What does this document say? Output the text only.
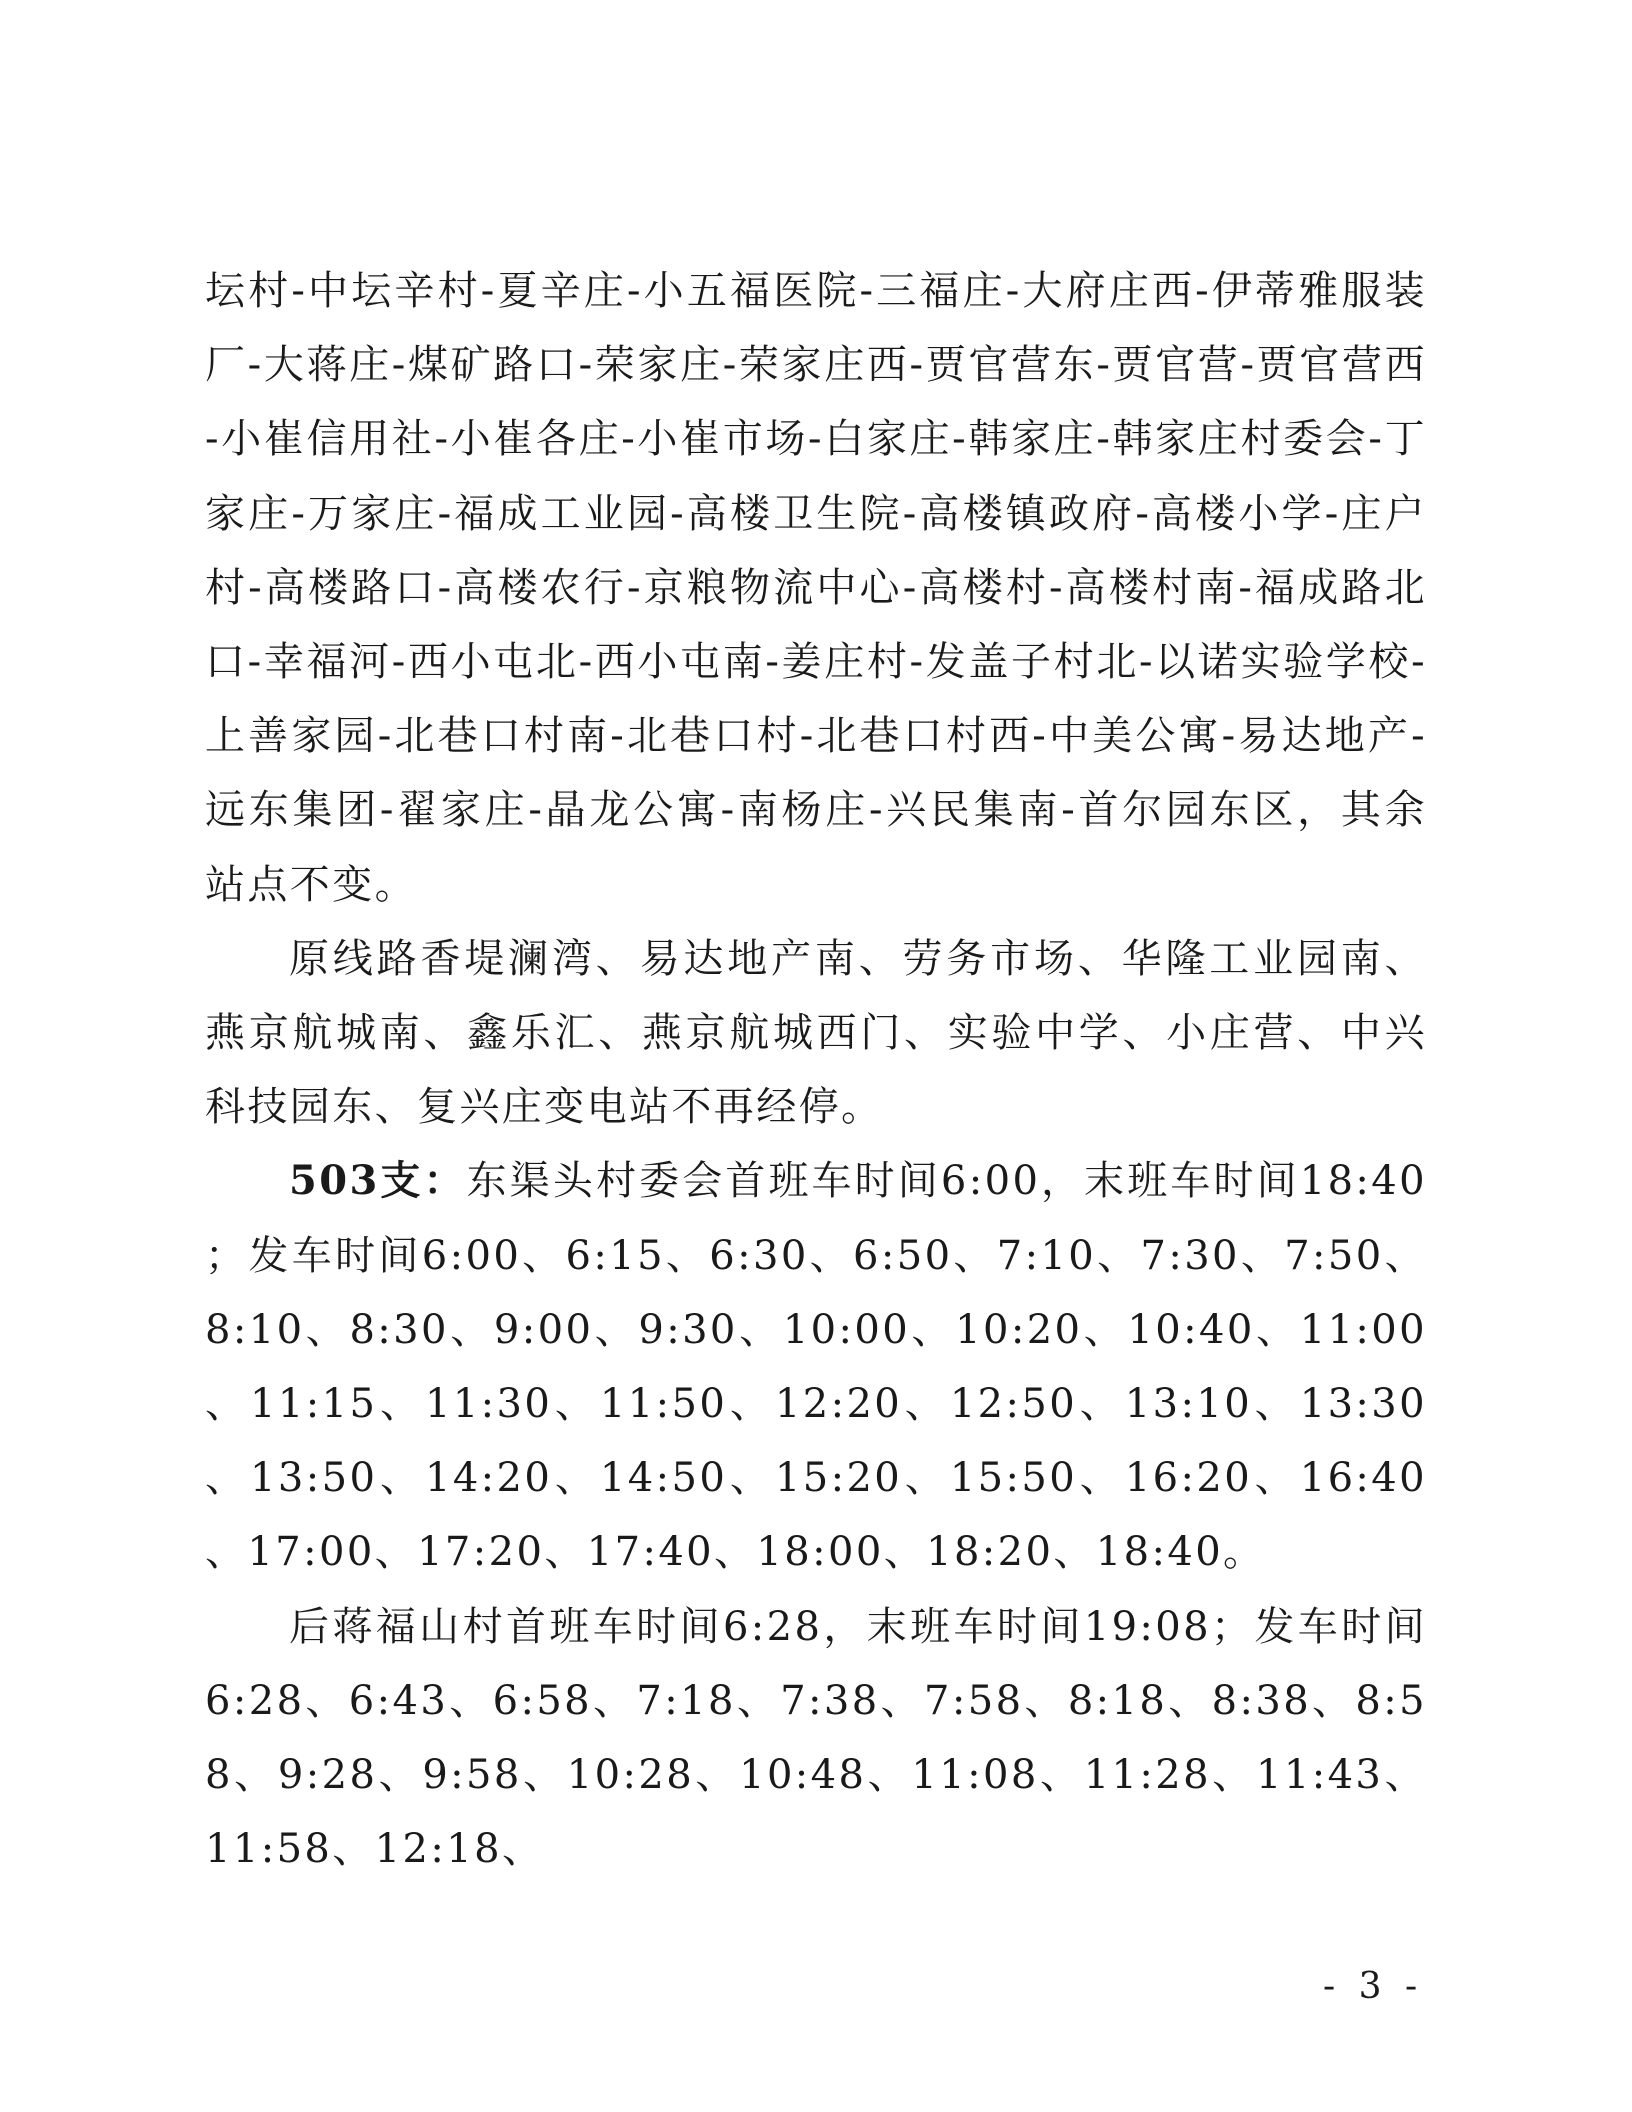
坛村-中坛辛村-夏辛庄-小五福医院-三福庄-大府庄西-伊蒂雅服装厂-大蒋庄-煤矿路口-荣家庄-荣家庄西-贾官营东-贾官营-贾官营西-小崔信用社-小崔各庄-小崔市场-白家庄-韩家庄-韩家庄村委会-丁家庄-万家庄-福成工业园-高楼卫生院-高楼镇政府-高楼小学-庄户村-高楼路口-高楼农行-京粮物流中心-高楼村-高楼村南-福成路北口-幸福河-西小屯北-西小屯南-姜庄村-发盖子村北-以诺实验学校-上善家园-北巷口村南-北巷口村-北巷口村西-中美公寓-易达地产-远东集团-翟家庄-晶龙公寓-南杨庄-兴民集南-首尔园东区，其余站点不变。

原线路香堤澜湾、易达地产南、劳务市场、华隆工业园南、燕京航城南、鑫乐汇、燕京航城西门、实验中学、小庄营、中兴科技园东、复兴庄变电站不再经停。

503支：东渠头村委会首班车时间6:00，末班车时间18:40；发车时间6:00、6:15、6:30、6:50、7:10、7:30、7:50、8:10、8:30、9:00、9:30、10:00、10:20、10:40、11:00、11:15、11:30、11:50、12:20、12:50、13:10、13:30、13:50、14:20、14:50、15:20、15:50、16:20、16:40、17:00、17:20、17:40、18:00、18:20、18:40。

后蒋福山村首班车时间6:28，末班车时间19:08；发车时间6:28、6:43、6:58、7:18、7:38、7:58、8:18、8:38、8:58、9:28、9:58、10:28、10:48、11:08、11:28、11:43、11:58、12:18、

- 3 -
